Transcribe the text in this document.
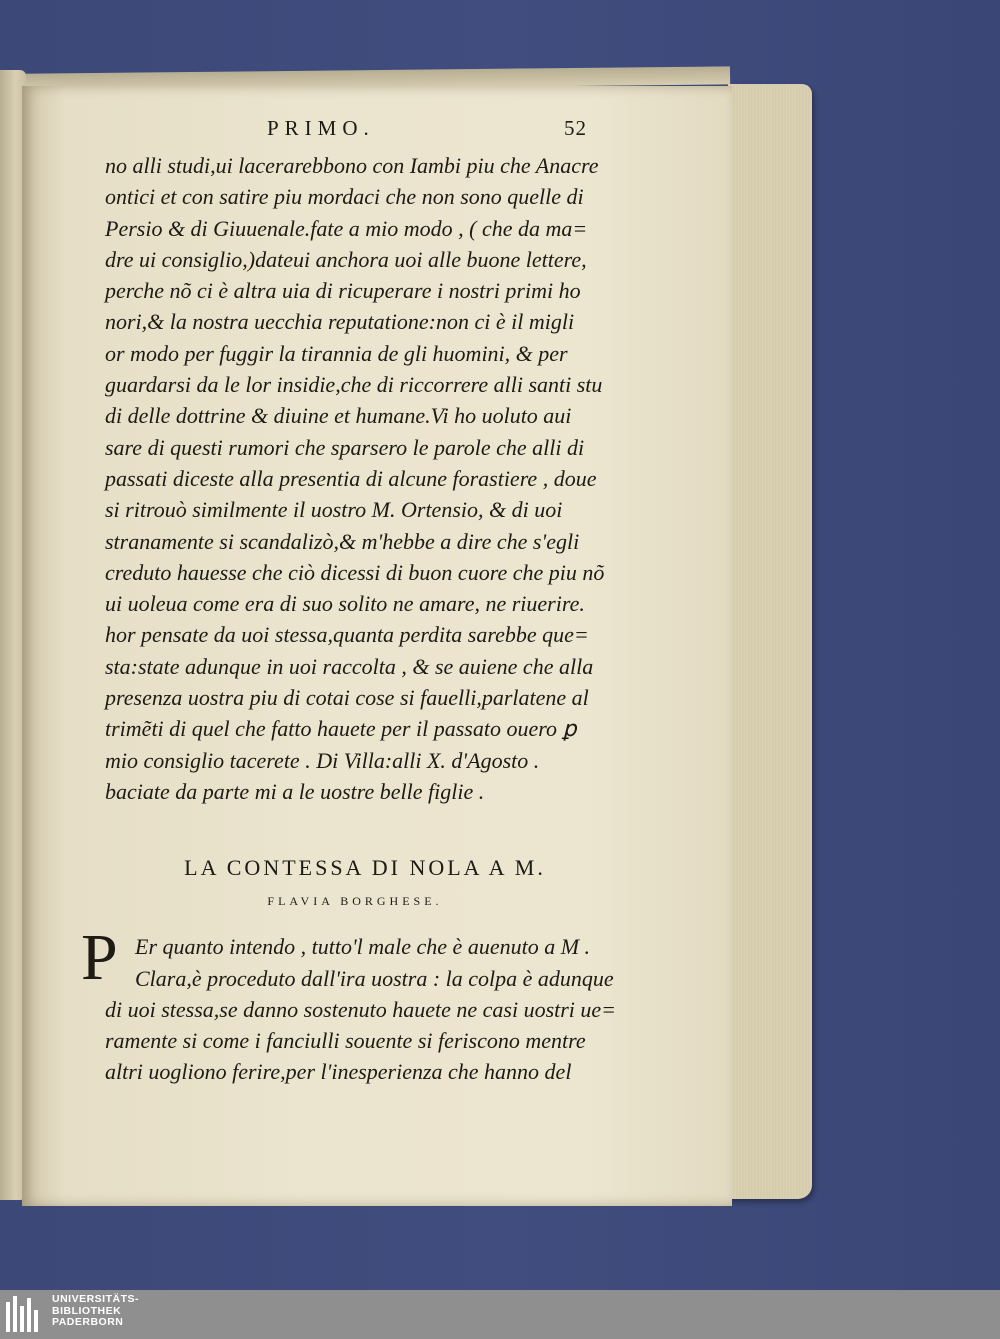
PRIMO.	52
no alli studi,ui lacerarebbono con Iambi piu che Anacre
ontici et con satire piu mordaci che non sono quelle di
Persio & di Giuuenale.fate a mio modo , ( che da ma=
dre ui consiglio,)dateui anchora uoi alle buone lettere,
perche nõ ci è altra uia di ricuperare i nostri primi ho
nori,& la nostra uecchia reputatione:non ci è il migli
or modo per fuggir la tirannia de gli huomini, & per
guardarsi da le lor insidie,che di riccorrere alli santi stu
di delle dottrine & diuine et humane.Vi ho uoluto aui
sare di questi rumori che sparsero le parole che alli di
passati diceste alla presentia di alcune forastiere , doue
si ritrouò similmente il uostro M. Ortensio, & di uoi
stranamente si scandalizò,& m'hebbe a dire che s'egli
creduto hauesse che ciò dicessi di buon cuore che piu nõ
ui uoleua come era di suo solito ne amare, ne riuerire.
hor pensate da uoi stessa,quanta perdita sarebbe que=
sta:state adunque in uoi raccolta , & se auiene che alla
presenza uostra piu di cotai cose si fauelli,parlatene al
trimẽti di quel che fatto hauete per il passato ouero ꝑ
mio consiglio tacerete . Di Villa:alli X. d'Agosto .
baciate da parte mi a le uostre belle figlie .
LA CONTESSA DI NOLA A M.
FLAVIA BORGHESE.
P Er quanto intendo , tutto'l male che è auenuto a M .
Clara,è proceduto dall'ira uostra : la colpa è adunque
di uoi stessa,se danno sostenuto hauete ne casi uostri ue=
ramente si come i fanciulli souente si feriscono mentre
altri uogliono ferire,per l'inesperienza che hanno del
UNIVERSITÄTS-
BIBLIOTHEK
PADERBORN
